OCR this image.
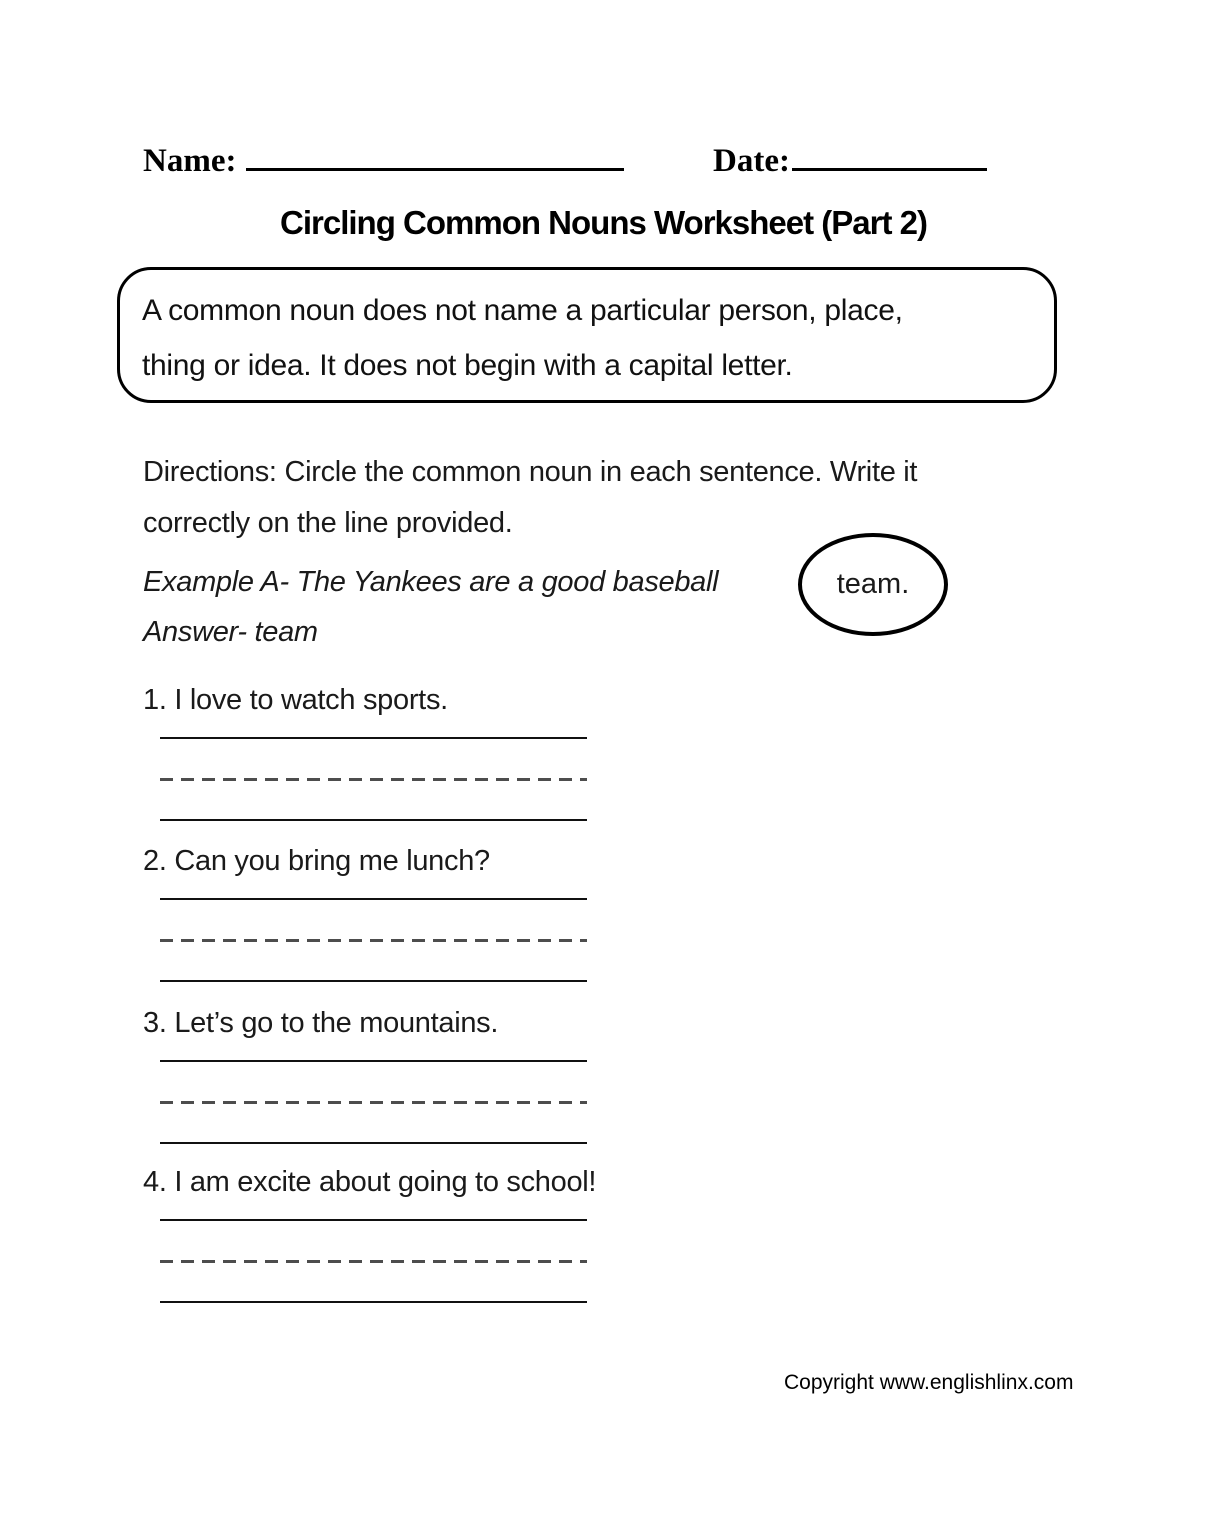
Name:	Date:
Circling Common Nouns Worksheet (Part 2)
A common noun does not name a particular person, place,
thing or idea. It does not begin with a capital letter.
Directions: Circle the common noun in each sentence. Write it
correctly on the line provided.
Example A- The Yankees are a good baseball	team.
Answer- team
1. I love to watch sports.
2. Can you bring me lunch?
3. Let’s go to the mountains.
4. I am excite about going to school!
Copyright www.englishlinx.com
